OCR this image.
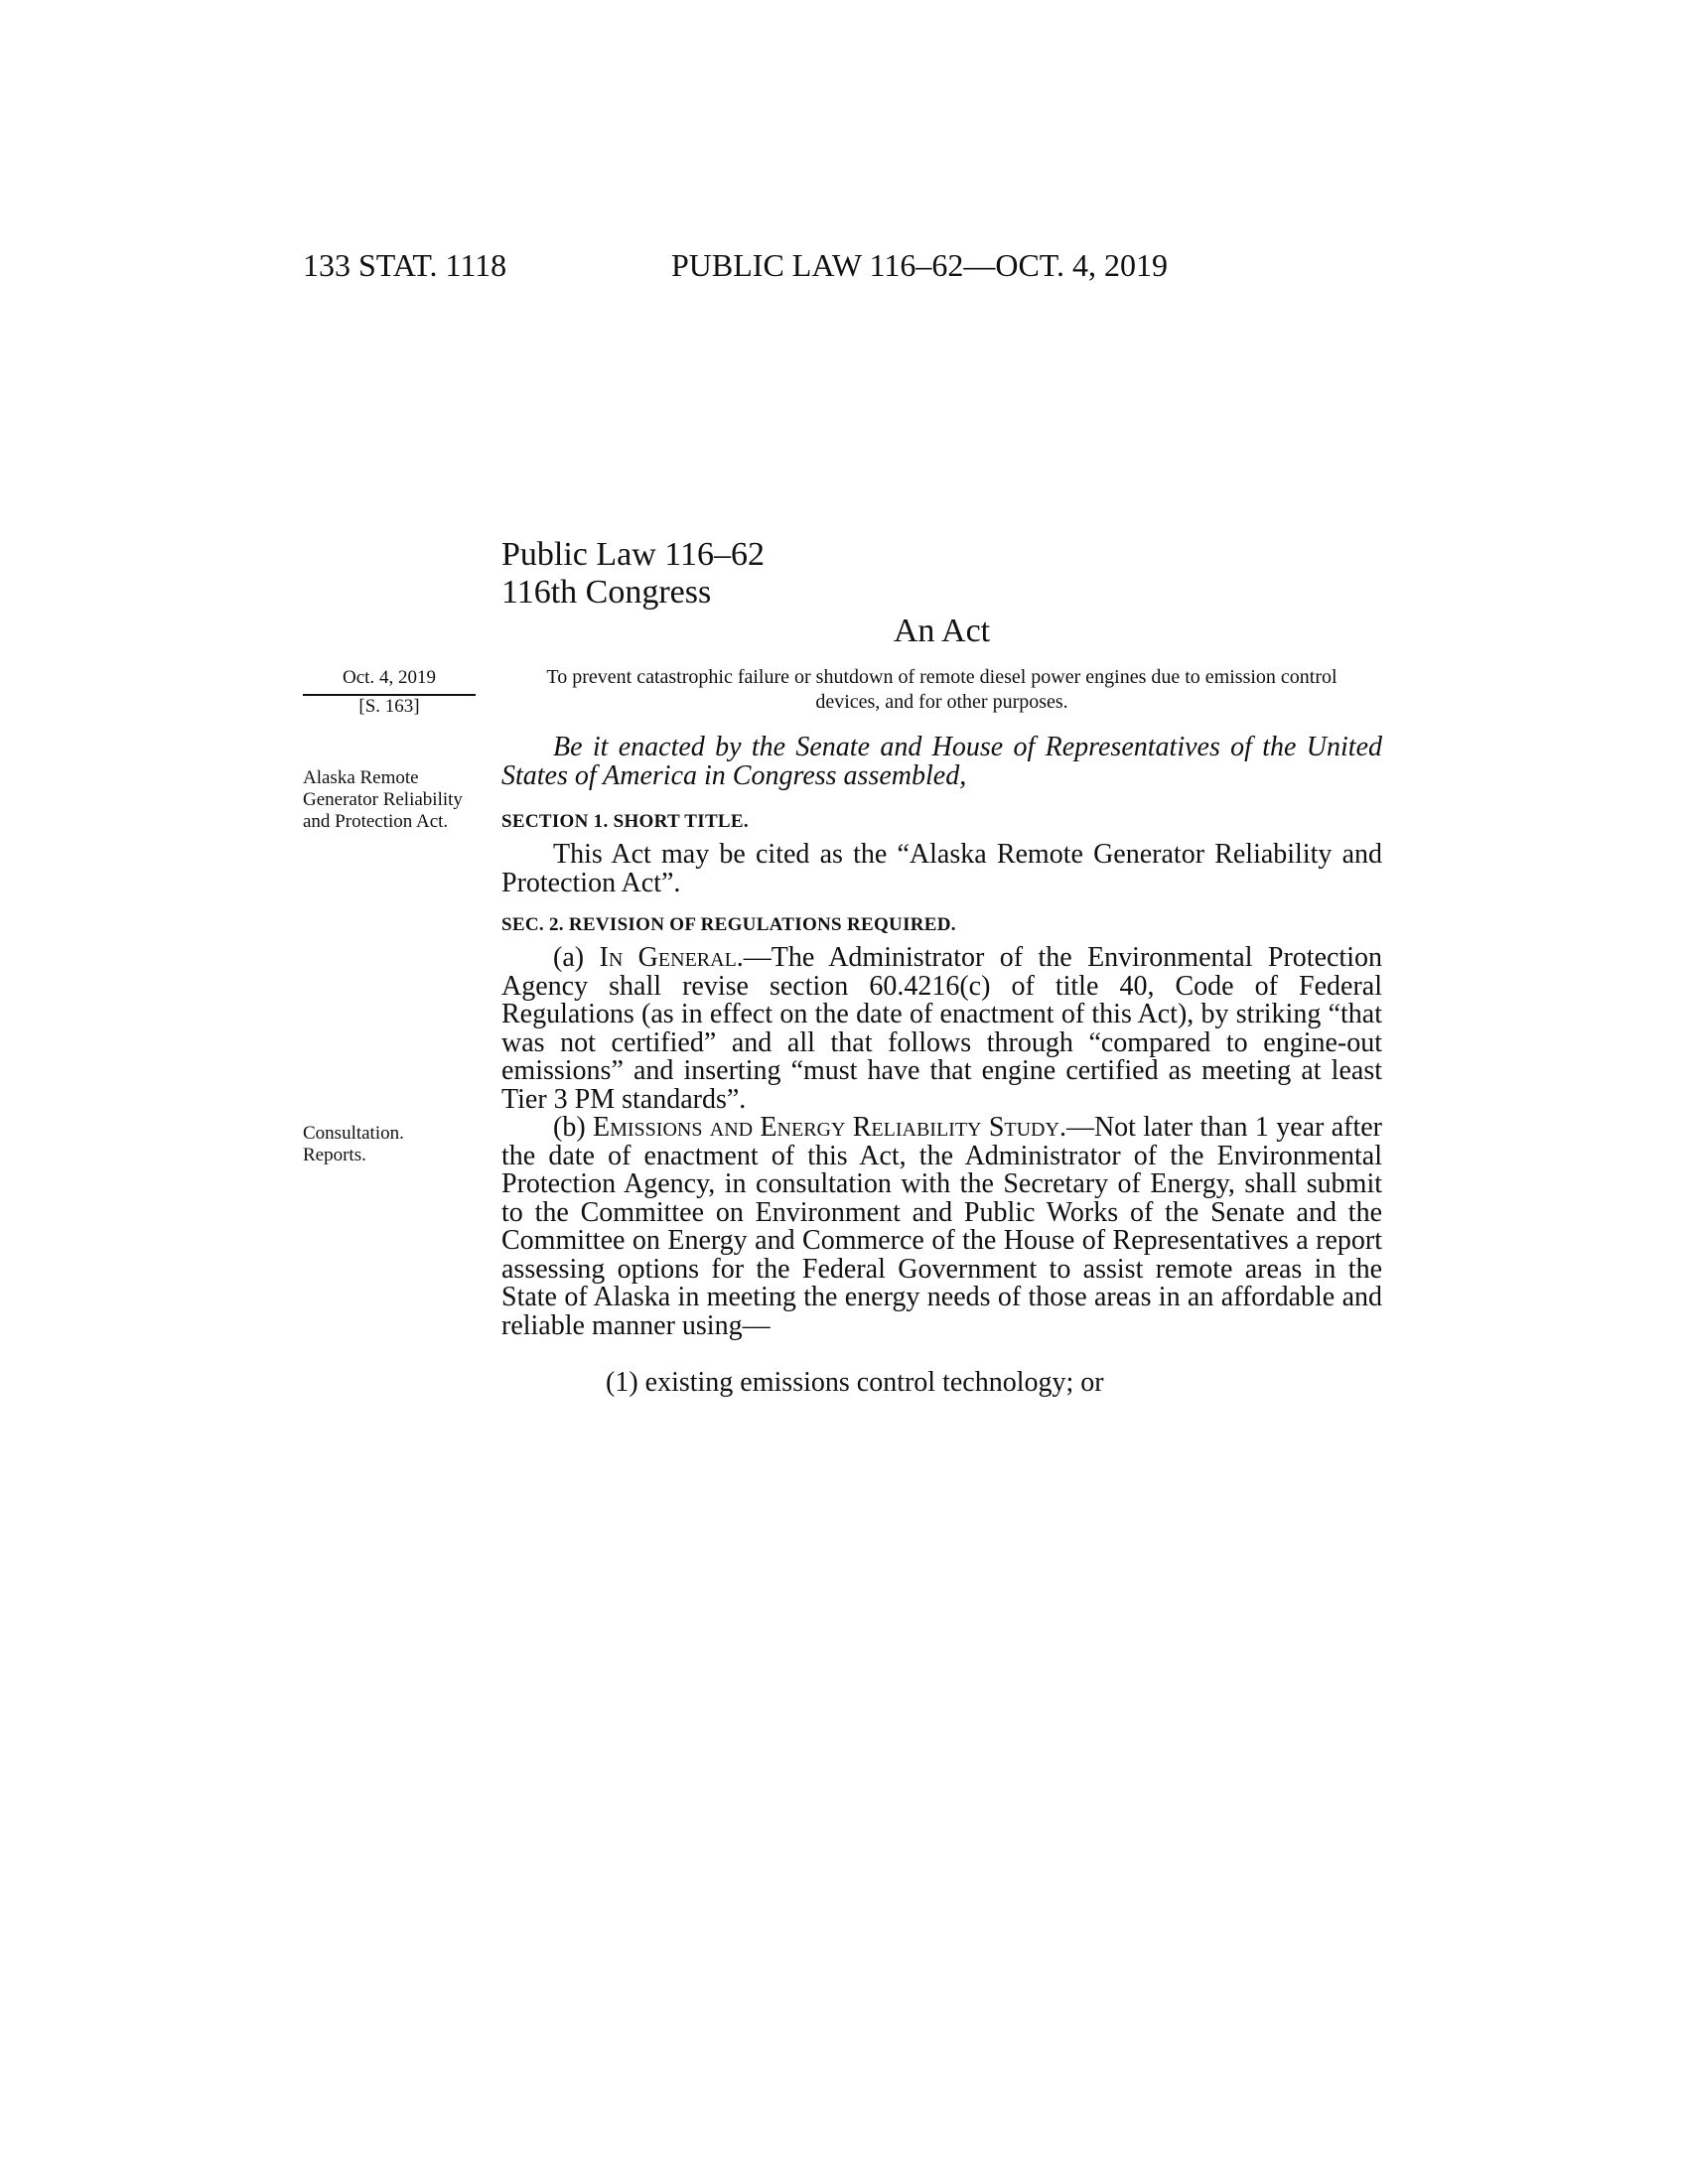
133 STAT. 1118	PUBLIC LAW 116–62—OCT. 4, 2019
Public Law 116–62
116th Congress
An Act
Oct. 4, 2019
[S. 163]
Alaska Remote Generator Reliability and Protection Act.
Consultation.
Reports.
To prevent catastrophic failure or shutdown of remote diesel power engines due to emission control devices, and for other purposes.
Be it enacted by the Senate and House of Representatives of the United States of America in Congress assembled,
SECTION 1. SHORT TITLE.
This Act may be cited as the “Alaska Remote Generator Reliability and Protection Act”.
SEC. 2. REVISION OF REGULATIONS REQUIRED.
(a) In General.—The Administrator of the Environmental Protection Agency shall revise section 60.4216(c) of title 40, Code of Federal Regulations (as in effect on the date of enactment of this Act), by striking “that was not certified” and all that follows through “compared to engine-out emissions” and inserting “must have that engine certified as meeting at least Tier 3 PM standards”.
(b) Emissions and Energy Reliability Study.—Not later than 1 year after the date of enactment of this Act, the Administrator of the Environmental Protection Agency, in consultation with the Secretary of Energy, shall submit to the Committee on Environment and Public Works of the Senate and the Committee on Energy and Commerce of the House of Representatives a report assessing options for the Federal Government to assist remote areas in the State of Alaska in meeting the energy needs of those areas in an affordable and reliable manner using—
(1) existing emissions control technology; or
